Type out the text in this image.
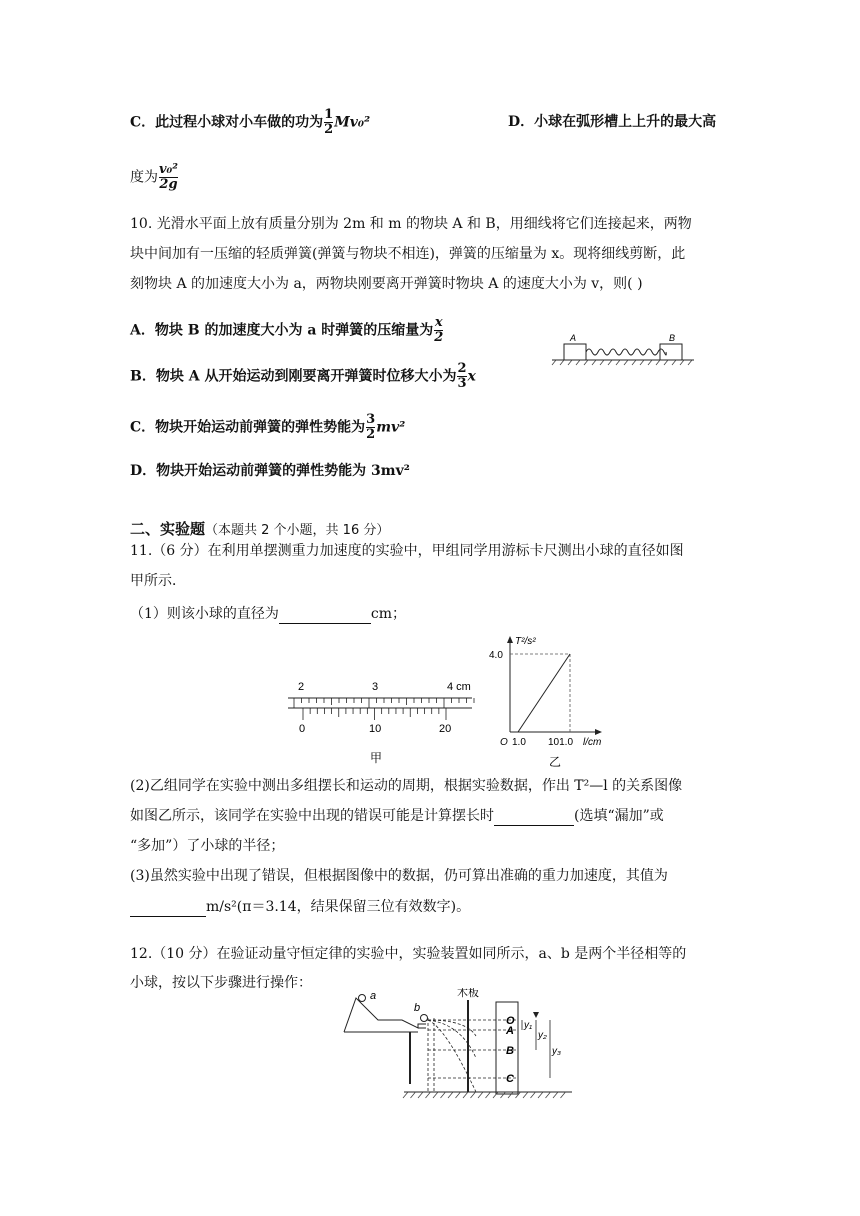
C．此过程小球对小车做的功为 $\frac{1}{2} Mv_0^2$	D．小球在弧形槽上上升的最大高
度为 $\frac{\text{v₀²}}{2g}$
10. 光滑水平面上放有质量分别为 2m 和 m 的物块 A 和 B，用细线将它们连接起来，两物
块中间加有一压缩的轻质弹簧(弹簧与物块不相连)，弹簧的压缩量为 x。现将细线剪断，此
刻物块 A 的加速度大小为 a，两物块刚要离开弹簧时物块 A 的速度大小为 v，则( )
A．物块 B 的加速度大小为 a 时弹簧的压缩量为 $\frac{x}{2}$
B．物块 A 从开始运动到刚要离开弹簧时位移大小为 $\frac{2}{3}$ x
C．物块开始运动前弹簧的弹性势能为 $\frac{3}{2} mv^2$
D．物块开始运动前弹簧的弹性势能为 3mv²
A	B
二、实验题（本题共 2 个小题，共 16 分）
11.（6 分）在利用单摆测重力加速度的实验中，甲组同学用游标卡尺测出小球的直径如图
甲所示．
（1）则该小球的直径为	cm；
2	3	4 cm
0	10	20
甲
T²/s²
4.0
O 1.0 101.0 l/cm
乙
(2)乙组同学在实验中测出多组摆长和运动的周期，根据实验数据，作出 T²—l 的关系图像
如图乙所示，该同学在实验中出现的错误可能是计算摆长时	(选填“漏加”或
“多加”）了小球的半径；
(3)虽然实验中出现了错误，但根据图像中的数据，仍可算出准确的重力加速度，其值为
m/s²(π＝3.14，结果保留三位有效数字)。
12.（10 分）在验证动量守恒定律的实验中，实验装置如同所示，a、b 是两个半径相等的
小球，按以下步骤进行操作：
a
b
木板
O
A
B
C
y₁
y₂
y₃
